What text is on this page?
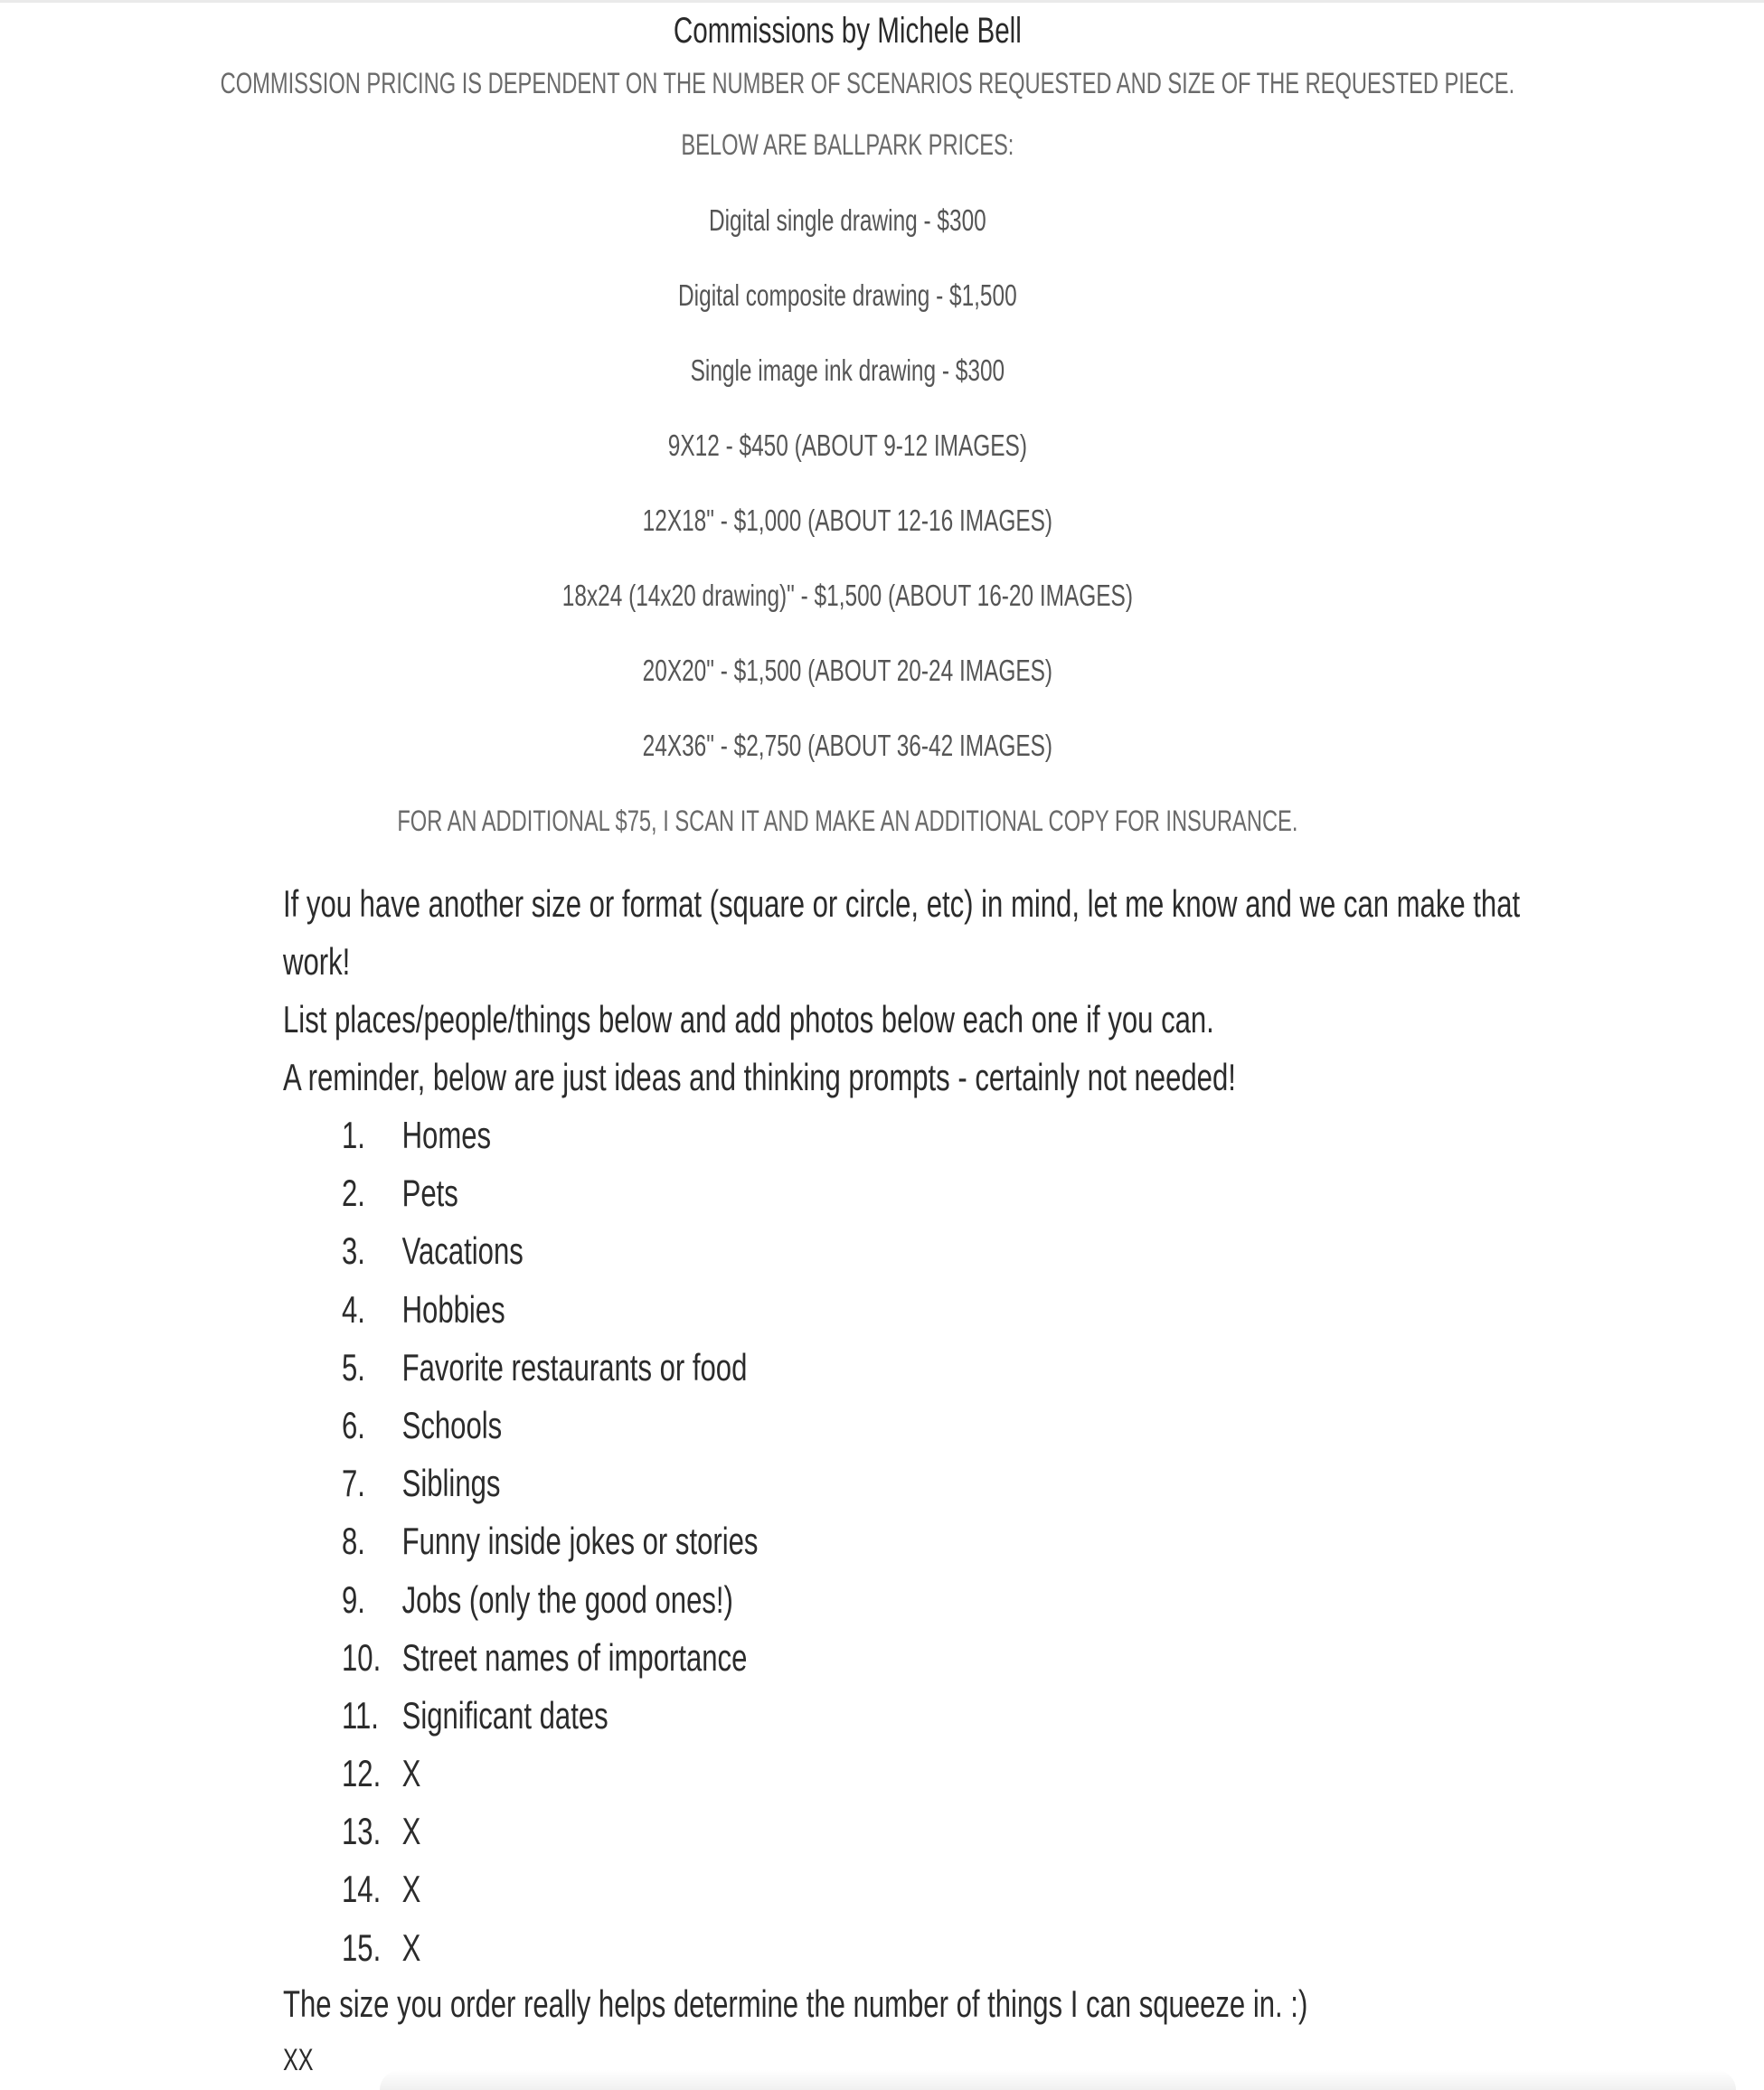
Commissions by Michele Bell
COMMISSION PRICING IS DEPENDENT ON THE NUMBER OF SCENARIOS REQUESTED AND SIZE OF THE REQUESTED PIECE.
BELOW ARE BALLPARK PRICES:
Digital single drawing - $300
Digital composite drawing - $1,500
Single image ink drawing - $300
9X12 - $450 (ABOUT 9-12 IMAGES)
12X18" - $1,000 (ABOUT 12-16 IMAGES)
18x24 (14x20 drawing)" - $1,500 (ABOUT 16-20 IMAGES)
20X20" - $1,500 (ABOUT 20-24 IMAGES)
24X36" - $2,750 (ABOUT 36-42 IMAGES)
FOR AN ADDITIONAL $75, I SCAN IT AND MAKE AN ADDITIONAL COPY FOR INSURANCE.
If you have another size or format (square or circle, etc) in mind, let me know and we can make that
work!
List places/people/things below and add photos below each one if you can.
A reminder, below are just ideas and thinking prompts - certainly not needed!
1. Homes
2. Pets
3. Vacations
4. Hobbies
5. Favorite restaurants or food
6. Schools
7. Siblings
8. Funny inside jokes or stories
9. Jobs (only the good ones!)
10. Street names of importance
11. Significant dates
12. X
13. X
14. X
15. X
The size you order really helps determine the number of things I can squeeze in. :)
XX
